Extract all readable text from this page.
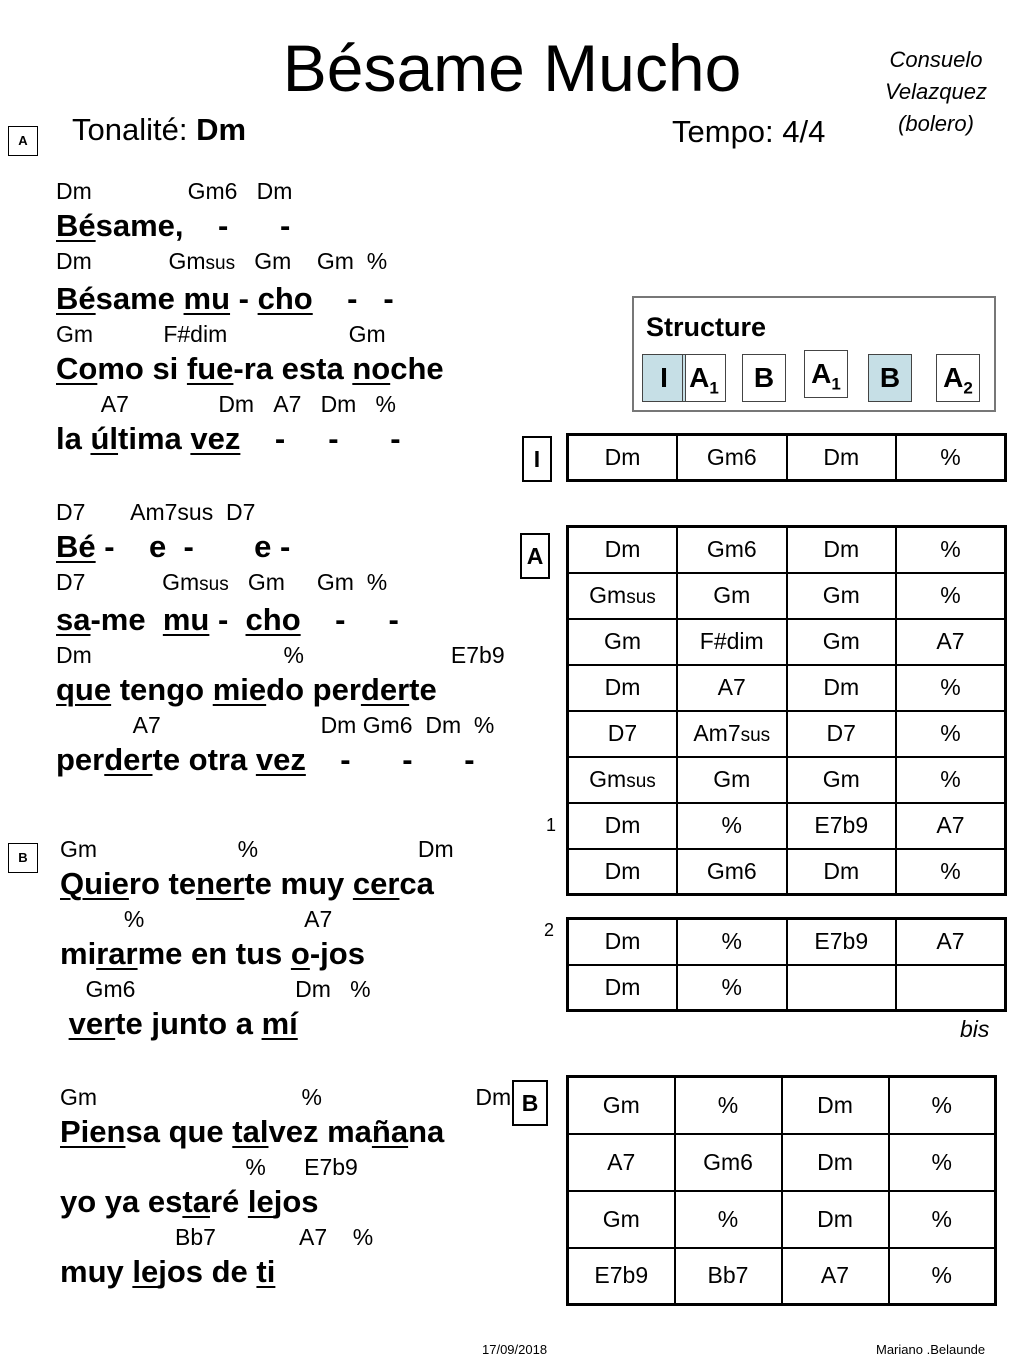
Bésame Mucho	Consuelo
Velazquez
(bolero)
Tonalité: Dm	Tempo: 4/4
A
B
Dm               Gm6   Dm
Bésame,    -      -
Dm            Gmsus   Gm    Gm  %
Bésame mu - cho    -   -
Gm           F#dim                   Gm
Como si fue-ra esta noche
A7              Dm   A7   Dm   %
la última vez    -     -      -
D7       Am7sus  D7
Bé -    e  -       e -
D7            Gmsus   Gm     Gm  %
sa-me  mu -  cho    -     -
Dm                              %                       E7b9
que tengo miedo perderte
A7                         Dm Gm6  Dm  %
perderte otra vez    -      -      -
Gm                      %                         Dm
Quiero tenerte muy cerca
%                         A7
mirarme en tus o-jos
Gm6                         Dm   %
verte junto a mí
Gm                                %                        Dm
Piensa que talvez mañana
%      E7b9
yo ya estaré lejos
Bb7             A7    %
muy lejos de ti
Structure
I $A_1$	B	$A_1$	B	$A_2$
I	Dm	Gm6	Dm	%
A	Dm	Gm6	Dm	%
Gmsus	Gm	Gm	%
Gm	F#dim	Gm	A7
Dm	A7	Dm	%
D7	Am7sus	D7	%
Gmsus	Gm	Gm	%
Dm	%	E7b9	A7
Dm	Gm6	Dm	%
1
2 Dm	%	E7b9	A7
Dm	%		
bis
B	Gm	%	Dm	%
A7	Gm6	Dm	%
Gm	%	Dm	%
E7b9	Bb7	A7	%
17/09/2018	Mariano .Belaunde
